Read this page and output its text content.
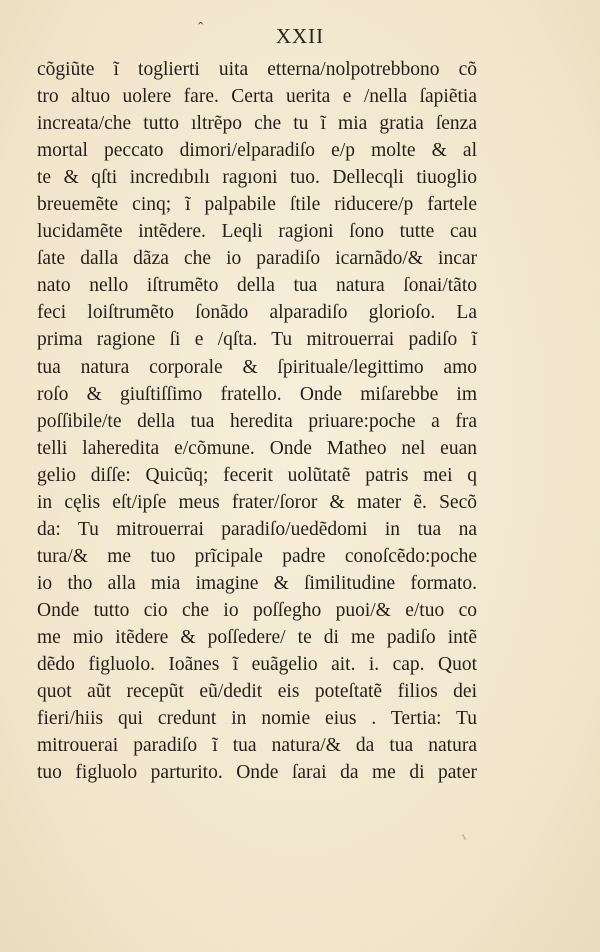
ˆ	XXII
cõgiũte ĩ toglierti uita etterna/nolpotrebbono cõ
tro altuo uolere fare. Certa uerita e /nella ſapiẽtia
increata/che tutto ıltrẽpo che tu ĩ mia gratia ſenza
mortal peccato dimori/elparadiſo e/p molte & al
te & qſti incredıbılı ragıoni tuo. Dellecqli tiuoglio
breuemẽte cinq; ĩ palpabile ſtile riducere/p fartele
lucidamẽte intẽdere. Leqli ragioni ſono tutte cau
ſate dalla dãza che io paradiſo icarnãdo/& incar
nato nello iſtrumẽto della tua natura ſonai/tãto
feci loiſtrumẽto ſonãdo alparadiſo glorioſo. La
prima ragione ſi e /qſta. Tu mitrouerrai padiſo ĩ
tua natura corporale & ſpirituale/legittimo amo
roſo & giuſtiſſimo fratello. Onde miſarebbe im
poſſibile/te della tua heredita priuare:poche a fra
telli laheredita e/cõmune. Onde Matheo nel euan
gelio diſſe: Quicũq; fecerit uolũtatẽ patris mei q
in cęlis eſt/ipſe meus frater/ſoror & mater ẽ. Secõ
da: Tu mitrouerrai paradiſo/uedẽdomi in tua na
tura/& me tuo prĩcipale padre conoſcẽdo:poche
io tho alla mia imagine & ſimilitudine formato.
Onde tutto cio che io poſſegho puoi/& e/tuo co
me mio itẽdere & poſſedere/ te di me padiſo intẽ
dẽdo figluolo. Ioãnes ĩ euãgelio ait. i. cap. Quot
quot aũt recepũt eũ/dedit eis poteſtatẽ filios dei
fieri/hiis qui credunt in nomie eius . Tertia: Tu
mitrouerai paradiſo ĩ tua natura/& da tua natura
tuo figluolo parturito. Onde ſarai da me di pater
